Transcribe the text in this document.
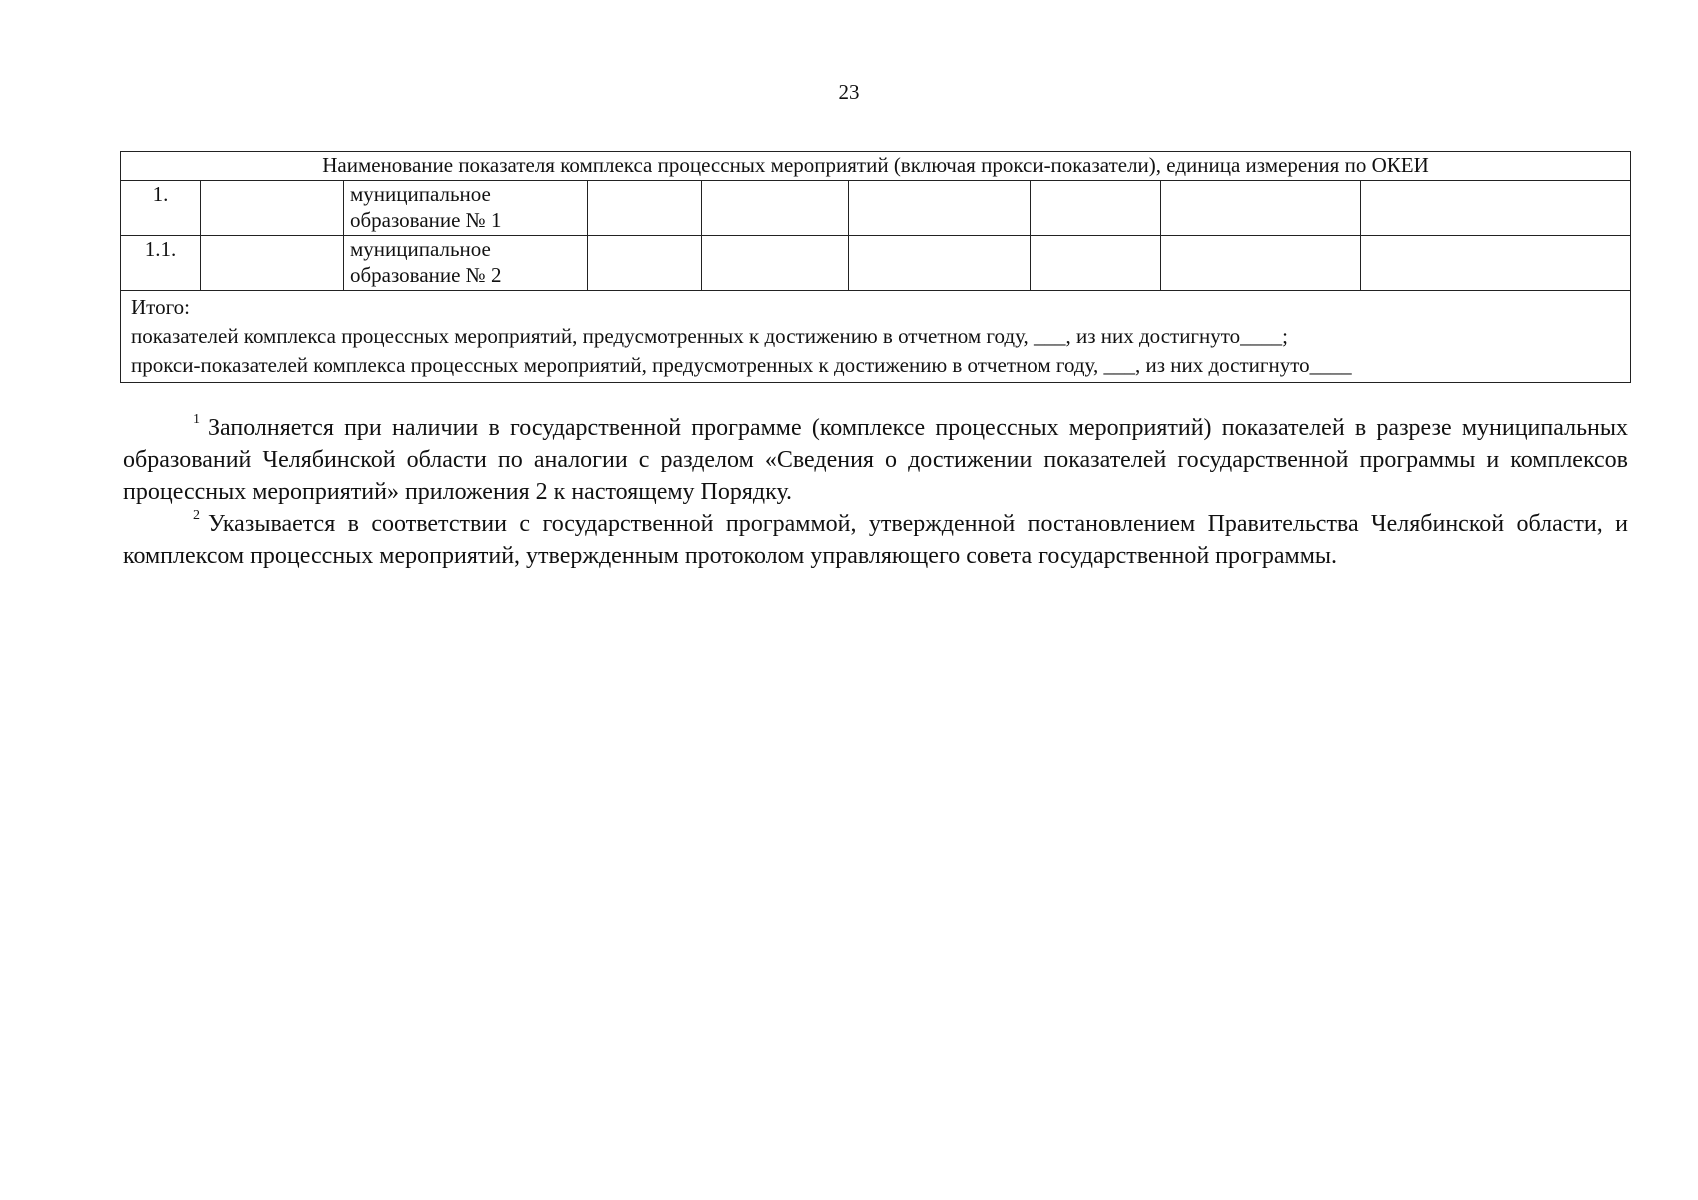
23
Наименование показателя комплекса процессных мероприятий (включая прокси-показатели), единица измерения по ОКЕИ								
1.		муниципальное
образование № 1						

1.1.		муниципальное
образование № 2						

Итого:
показателей комплекса процессных мероприятий, предусмотренных к достижению в отчетном году, ___, из них достигнуто____;
прокси-показателей комплекса процессных мероприятий, предусмотренных к достижению в отчетном году, ___, из них достигнуто____								

$^1$ Заполняется при наличии в государственной программе (комплексе процессных мероприятий) показателей в разрезе муниципальных образований Челябинской области по аналогии с разделом «Сведения о достижении показателей государственной программы и комплексов процессных мероприятий» приложения 2 к настоящему Порядку.

$^2$ Указывается в соответствии с государственной программой, утвержденной постановлением Правительства Челябинской области, и комплексом процессных мероприятий, утвержденным протоколом управляющего совета государственной программы.
